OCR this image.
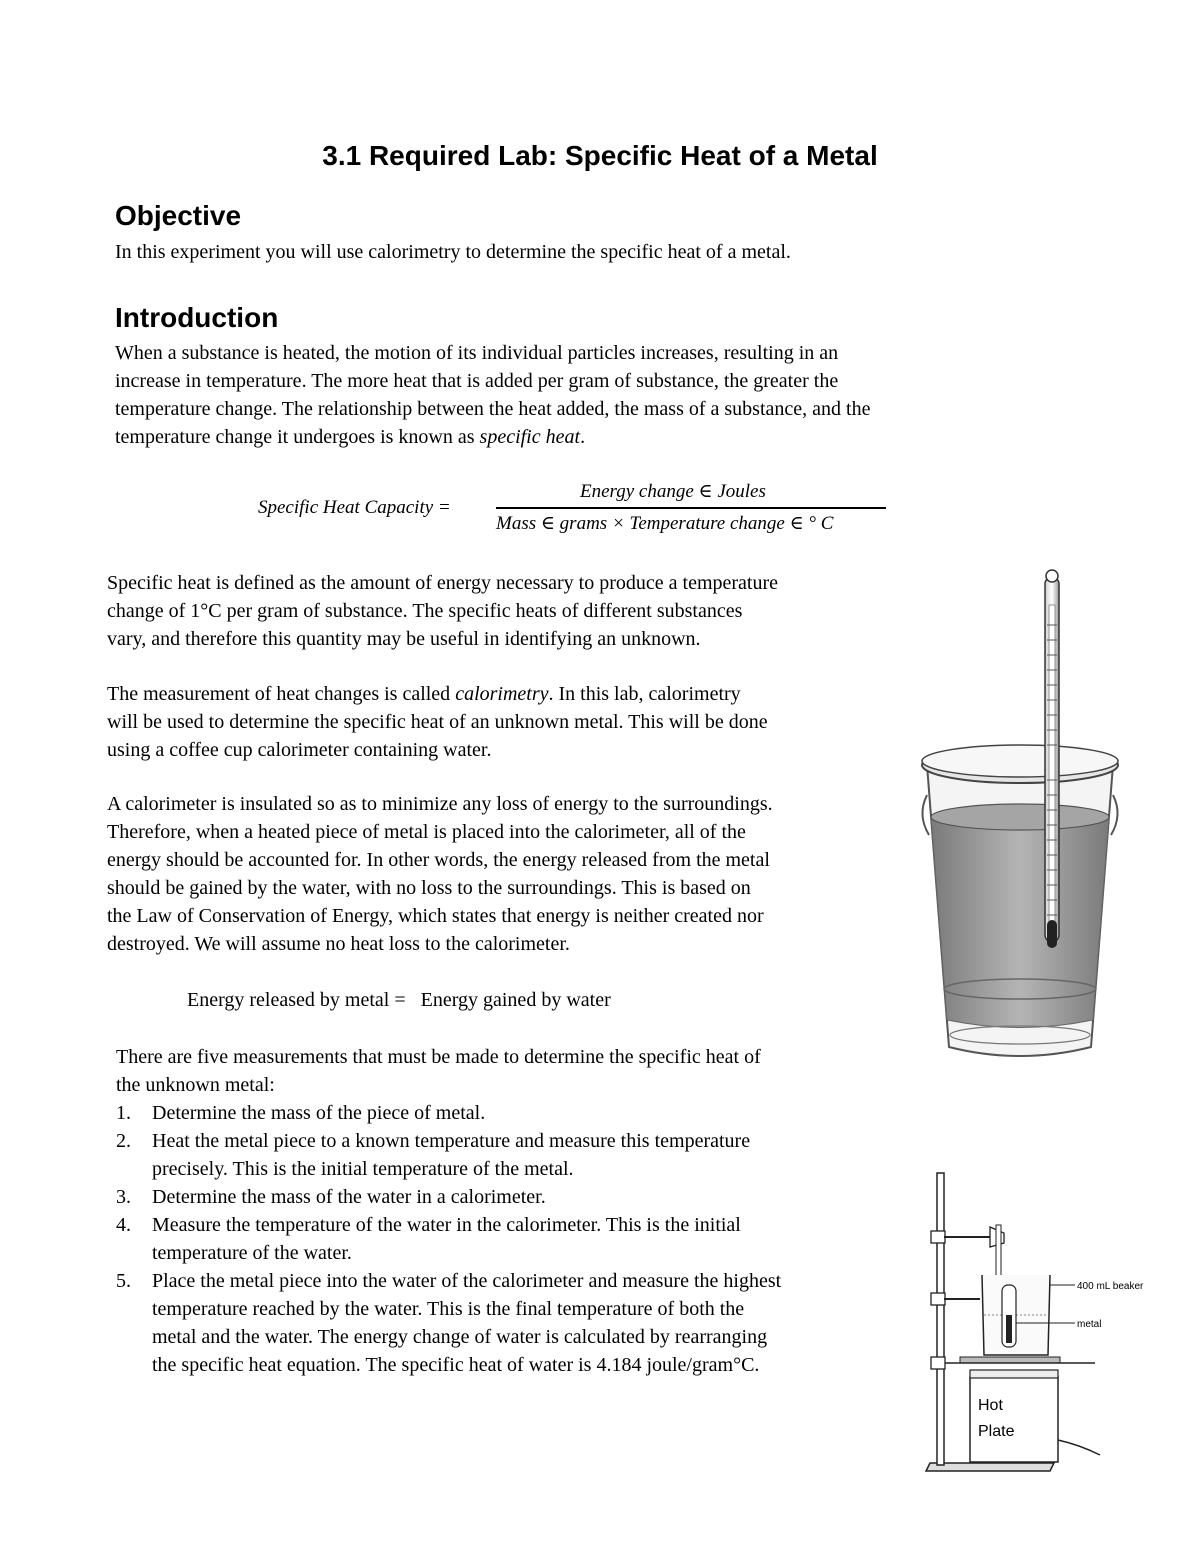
3.1 Required Lab: Specific Heat of a Metal
Objective
In this experiment you will use calorimetry to determine the specific heat of a metal.
Introduction
When a substance is heated, the motion of its individual particles increases, resulting in an
increase in temperature. The more heat that is added per gram of substance, the greater the
temperature change. The relationship between the heat added, the mass of a substance, and the
temperature change it undergoes is known as specific heat.
Specific Heat Capacity =
Energy change ∈ Joules
Mass ∈ grams × Temperature change ∈ ° C
Specific heat is defined as the amount of energy necessary to produce a temperature
change of 1°C per gram of substance. The specific heats of different substances
vary, and therefore this quantity may be useful in identifying an unknown.
The measurement of heat changes is called calorimetry. In this lab, calorimetry
will be used to determine the specific heat of an unknown metal. This will be done
using a coffee cup calorimeter containing water.
A calorimeter is insulated so as to minimize any loss of energy to the surroundings.
Therefore, when a heated piece of metal is placed into the calorimeter, all of the
energy should be accounted for. In other words, the energy released from the metal
should be gained by the water, with no loss to the surroundings. This is based on
the Law of Conservation of Energy, which states that energy is neither created nor
destroyed. We will assume no heat loss to the calorimeter.
Energy released by metal = Energy gained by water
There are five measurements that must be made to determine the specific heat of
the unknown metal:
1. Determine the mass of the piece of metal.
2. Heat the metal piece to a known temperature and measure this temperature
precisely. This is the initial temperature of the metal.
3. Determine the mass of the water in a calorimeter.
4. Measure the temperature of the water in the calorimeter. This is the initial
temperature of the water.
5. Place the metal piece into the water of the calorimeter and measure the highest
temperature reached by the water. This is the final temperature of both the
metal and the water. The energy change of water is calculated by rearranging
the specific heat equation. The specific heat of water is 4.184 joule/gram°C.
Hot
Plate
400 mL beaker
metal
